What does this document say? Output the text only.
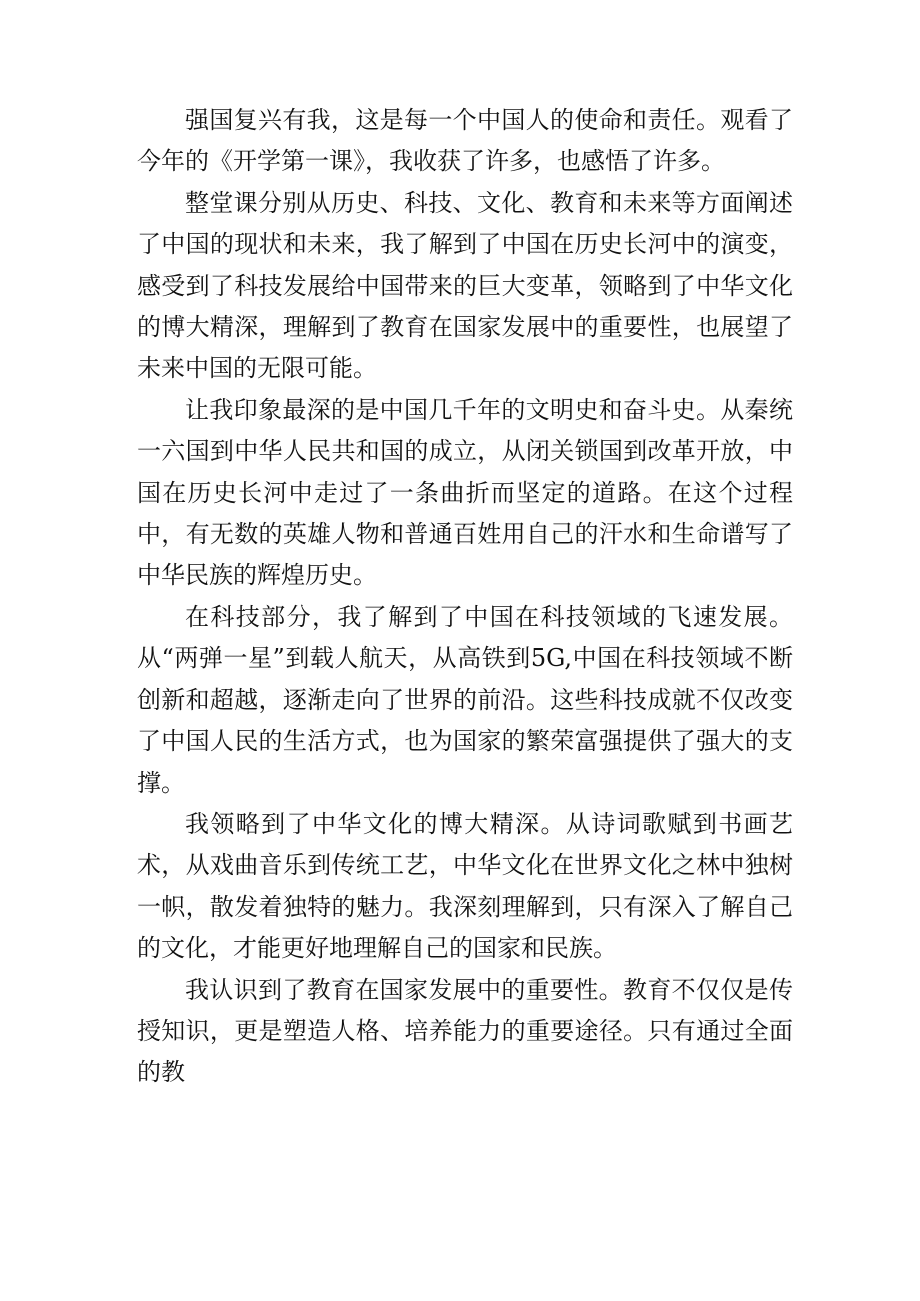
强国复兴有我，这是每一个中国人的使命和责任。观看了今年的《开学第一课》，我收获了许多，也感悟了许多。

整堂课分别从历史、科技、文化、教育和未来等方面阐述了中国的现状和未来，我了解到了中国在历史长河中的演变，感受到了科技发展给中国带来的巨大变革，领略到了中华文化的博大精深，理解到了教育在国家发展中的重要性，也展望了未来中国的无限可能。

让我印象最深的是中国几千年的文明史和奋斗史。从秦统一六国到中华人民共和国的成立，从闭关锁国到改革开放，中国在历史长河中走过了一条曲折而坚定的道路。在这个过程中，有无数的英雄人物和普通百姓用自己的汗水和生命谱写了中华民族的辉煌历史。

在科技部分，我了解到了中国在科技领域的飞速发展。从“两弹一星”到载人航天，从高铁到5G,中国在科技领域不断创新和超越，逐渐走向了世界的前沿。这些科技成就不仅改变了中国人民的生活方式，也为国家的繁荣富强提供了强大的支撑。

我领略到了中华文化的博大精深。从诗词歌赋到书画艺术，从戏曲音乐到传统工艺，中华文化在世界文化之林中独树一帜，散发着独特的魅力。我深刻理解到，只有深入了解自己的文化，才能更好地理解自己的国家和民族。

我认识到了教育在国家发展中的重要性。教育不仅仅是传授知识，更是塑造人格、培养能力的重要途径。只有通过全面的教
